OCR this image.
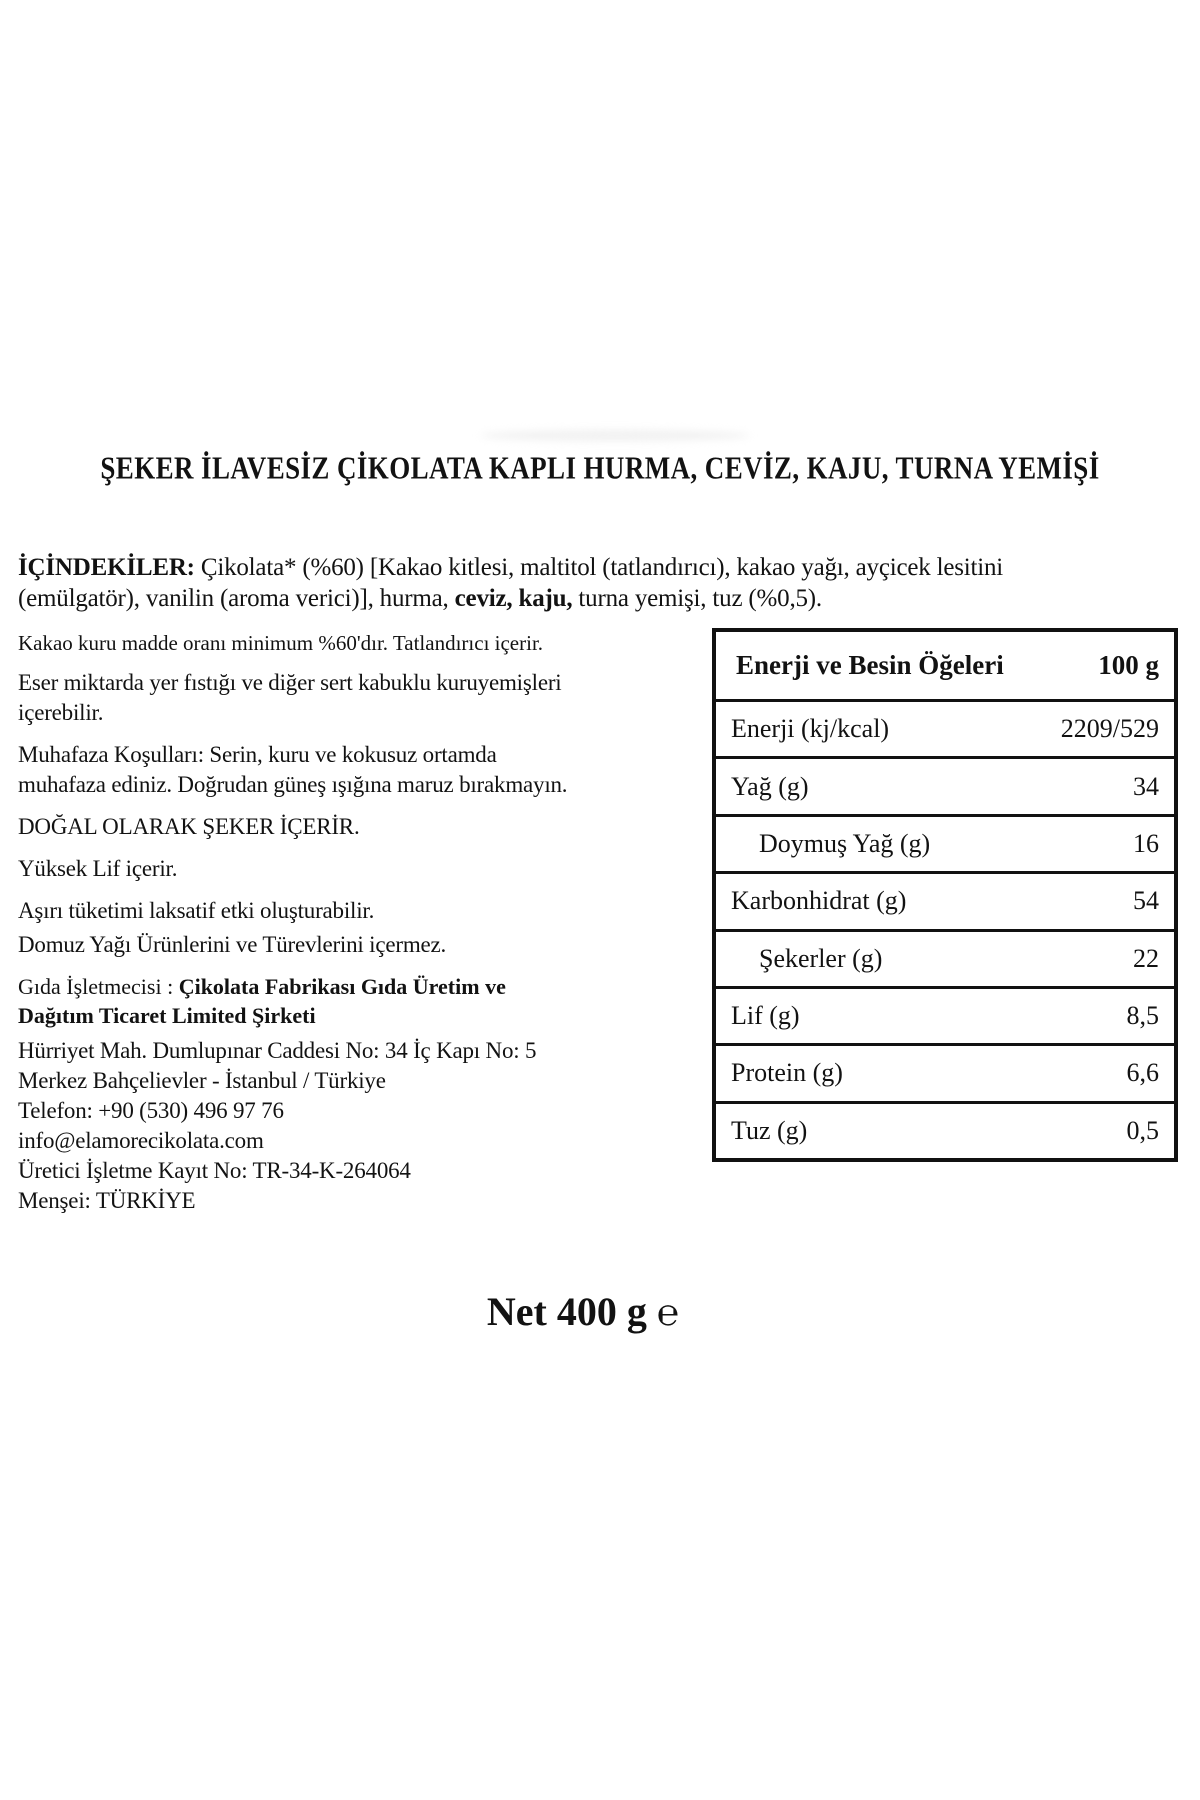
ŞEKER İLAVESİZ ÇİKOLATA KAPLI HURMA, CEVİZ, KAJU, TURNA YEMİŞİ
İÇİNDEKİLER: Çikolata* (%60) [Kakao kitlesi, maltitol (tatlandırıcı), kakao yağı, ayçicek lesitini
(emülgatör), vanilin (aroma verici)], hurma, ceviz, kaju, turna yemişi, tuz (%0,5).

Kakao kuru madde oranı minimum %60'dır. Tatlandırıcı içerir.

Eser miktarda yer fıstığı ve diğer sert kabuklu kuruyemişleri
içerebilir.

Muhafaza Koşulları: Serin, kuru ve kokusuz ortamda
muhafaza ediniz. Doğrudan güneş ışığına maruz bırakmayın.

DOĞAL OLARAK ŞEKER İÇERİR.

Yüksek Lif içerir.

Aşırı tüketimi laksatif etki oluşturabilir.

Domuz Yağı Ürünlerini ve Türevlerini içermez.

Gıda İşletmecisi : Çikolata Fabrikası Gıda Üretim ve
Dağıtım Ticaret Limited Şirketi

Hürriyet Mah. Dumlupınar Caddesi No: 34 İç Kapı No: 5

Merkez Bahçelievler - İstanbul / Türkiye

Telefon: +90 (530) 496 97 76

info@elamorecikolata.com

Üretici İşletme Kayıt No: TR-34-K-264064

Menşei: TÜRKİYE

Enerji ve Besin Öğeleri	100 g
Enerji (kj/kcal)	2209/529
Yağ (g)	34
Doymuş Yağ (g)	16
Karbonhidrat (g)	54
Şekerler (g)	22
Lif (g)	8,5
Protein (g)	6,6
Tuz (g)	0,5
Net 400 g ℮
